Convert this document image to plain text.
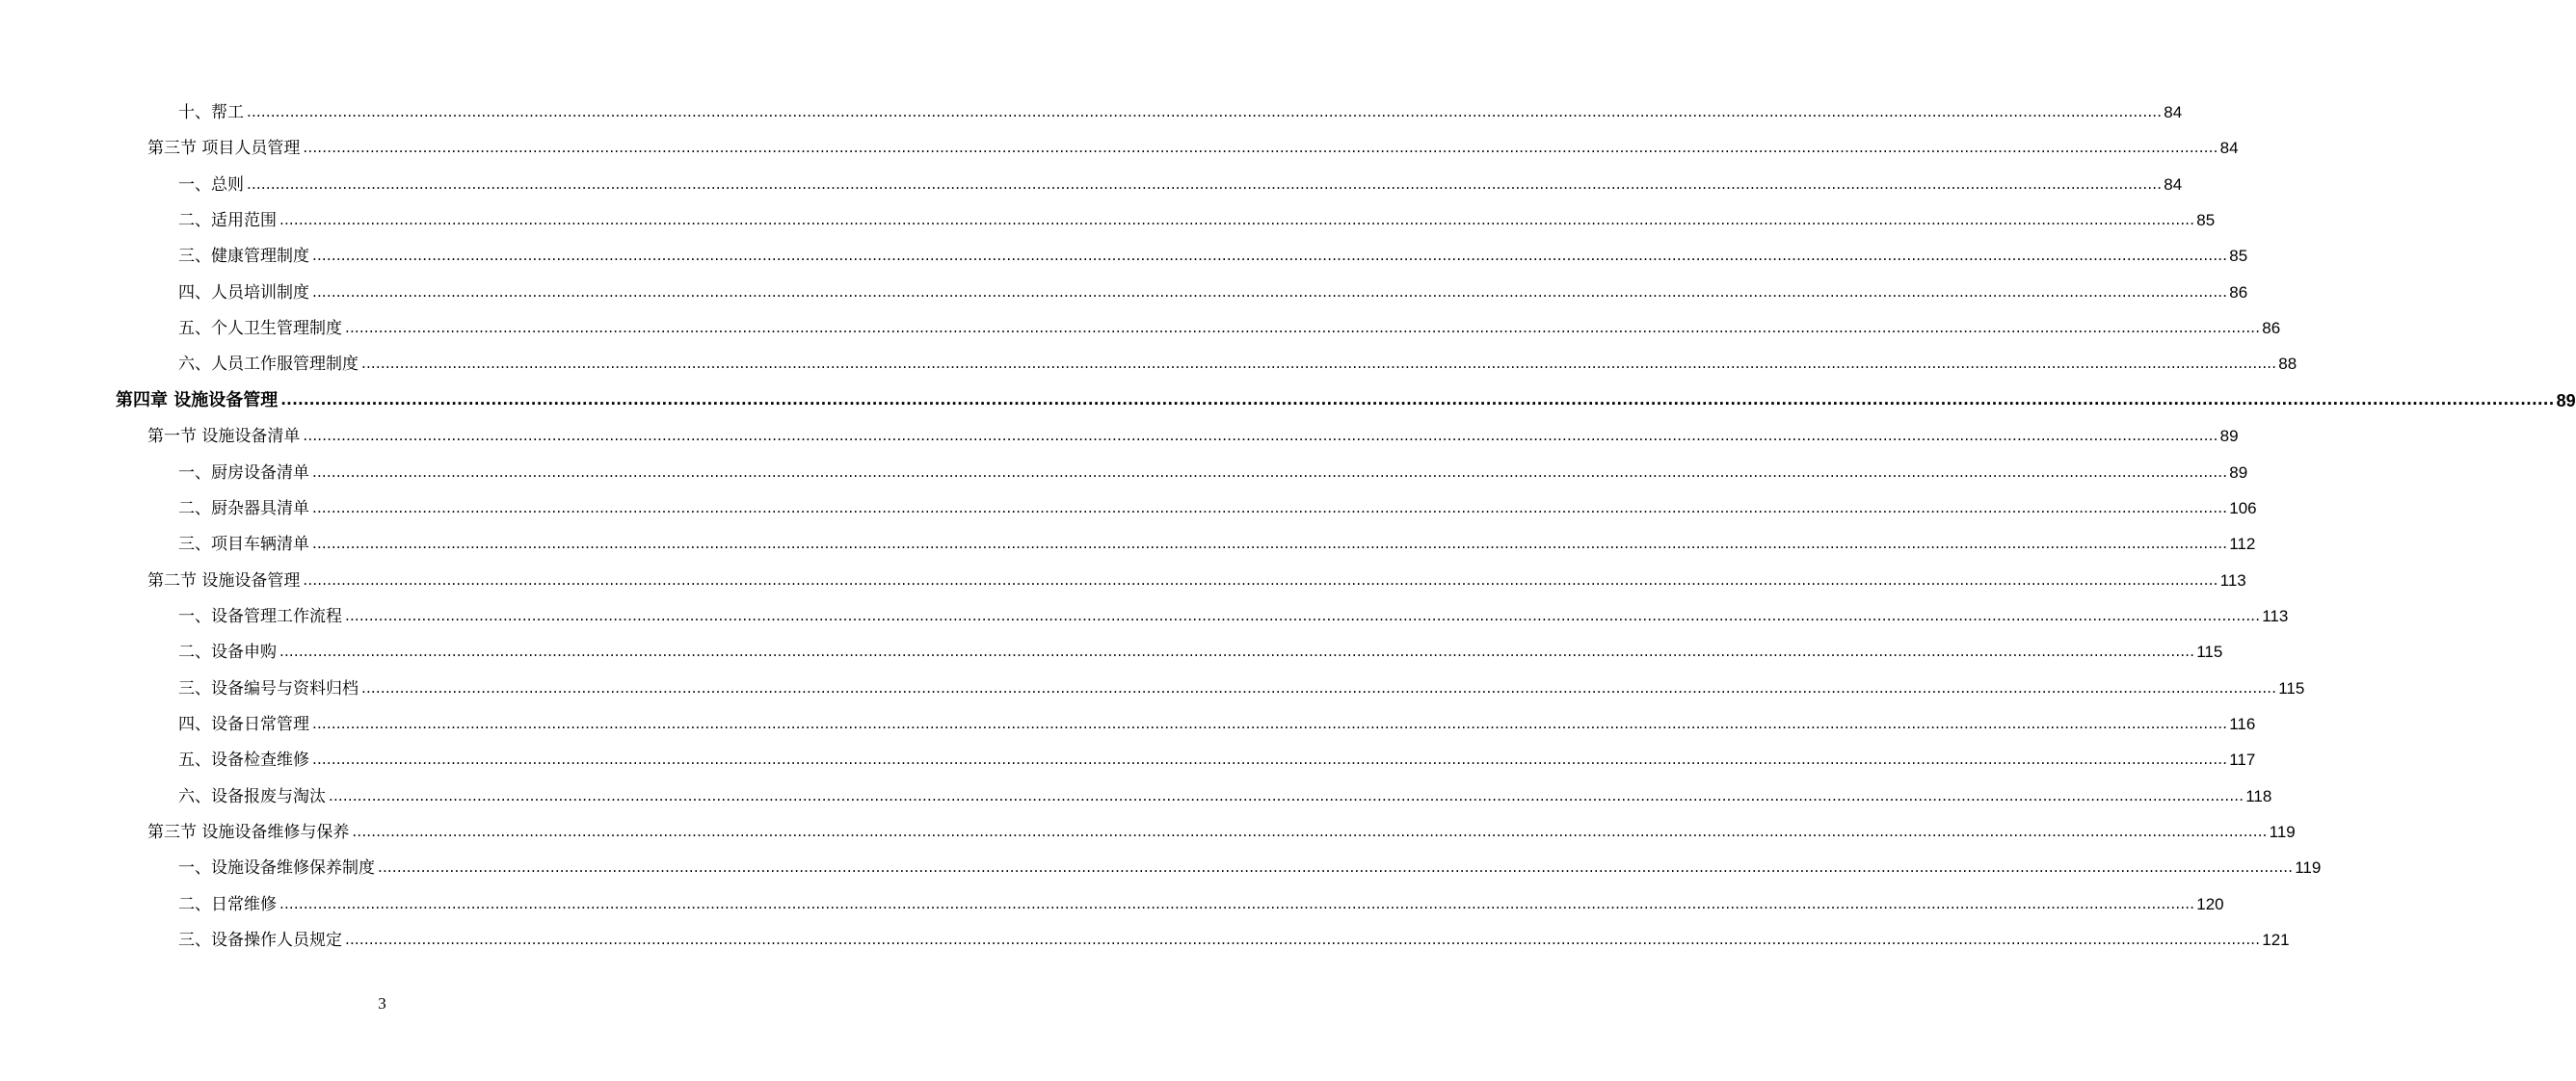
十、帮工 ................................................................................................................................................................................................................................................................................................................................................................................................................ 84
第三节 项目人员管理 ................................................................................................................................................................................................................................................................................................................................................................................................................ 84
一、总则 ................................................................................................................................................................................................................................................................................................................................................................................................................ 84
二、适用范围 ................................................................................................................................................................................................................................................................................................................................................................................................................ 85
三、健康管理制度 ................................................................................................................................................................................................................................................................................................................................................................................................................ 85
四、人员培训制度 ................................................................................................................................................................................................................................................................................................................................................................................................................ 86
五、个人卫生管理制度 ................................................................................................................................................................................................................................................................................................................................................................................................................ 86
六、人员工作服管理制度 ................................................................................................................................................................................................................................................................................................................................................................................................................ 88
第四章 设施设备管理 ................................................................................................................................................................................................................................................................................................................................................................................................................ 89
第一节 设施设备清单 ................................................................................................................................................................................................................................................................................................................................................................................................................ 89
一、厨房设备清单 ................................................................................................................................................................................................................................................................................................................................................................................................................ 89
二、厨杂器具清单 ................................................................................................................................................................................................................................................................................................................................................................................................................ 106
三、项目车辆清单 ................................................................................................................................................................................................................................................................................................................................................................................................................ 112
第二节 设施设备管理 ................................................................................................................................................................................................................................................................................................................................................................................................................ 113
一、设备管理工作流程 ................................................................................................................................................................................................................................................................................................................................................................................................................ 113
二、设备申购 ................................................................................................................................................................................................................................................................................................................................................................................................................ 115
三、设备编号与资料归档 ................................................................................................................................................................................................................................................................................................................................................................................................................ 115
四、设备日常管理 ................................................................................................................................................................................................................................................................................................................................................................................................................ 116
五、设备检查维修 ................................................................................................................................................................................................................................................................................................................................................................................................................ 117
六、设备报废与淘汰 ................................................................................................................................................................................................................................................................................................................................................................................................................ 118
第三节 设施设备维修与保养 ................................................................................................................................................................................................................................................................................................................................................................................................................ 119
一、设施设备维修保养制度 ................................................................................................................................................................................................................................................................................................................................................................................................................ 119
二、日常维修 ................................................................................................................................................................................................................................................................................................................................................................................................................ 120
三、设备操作人员规定 ................................................................................................................................................................................................................................................................................................................................................................................................................ 121
3
